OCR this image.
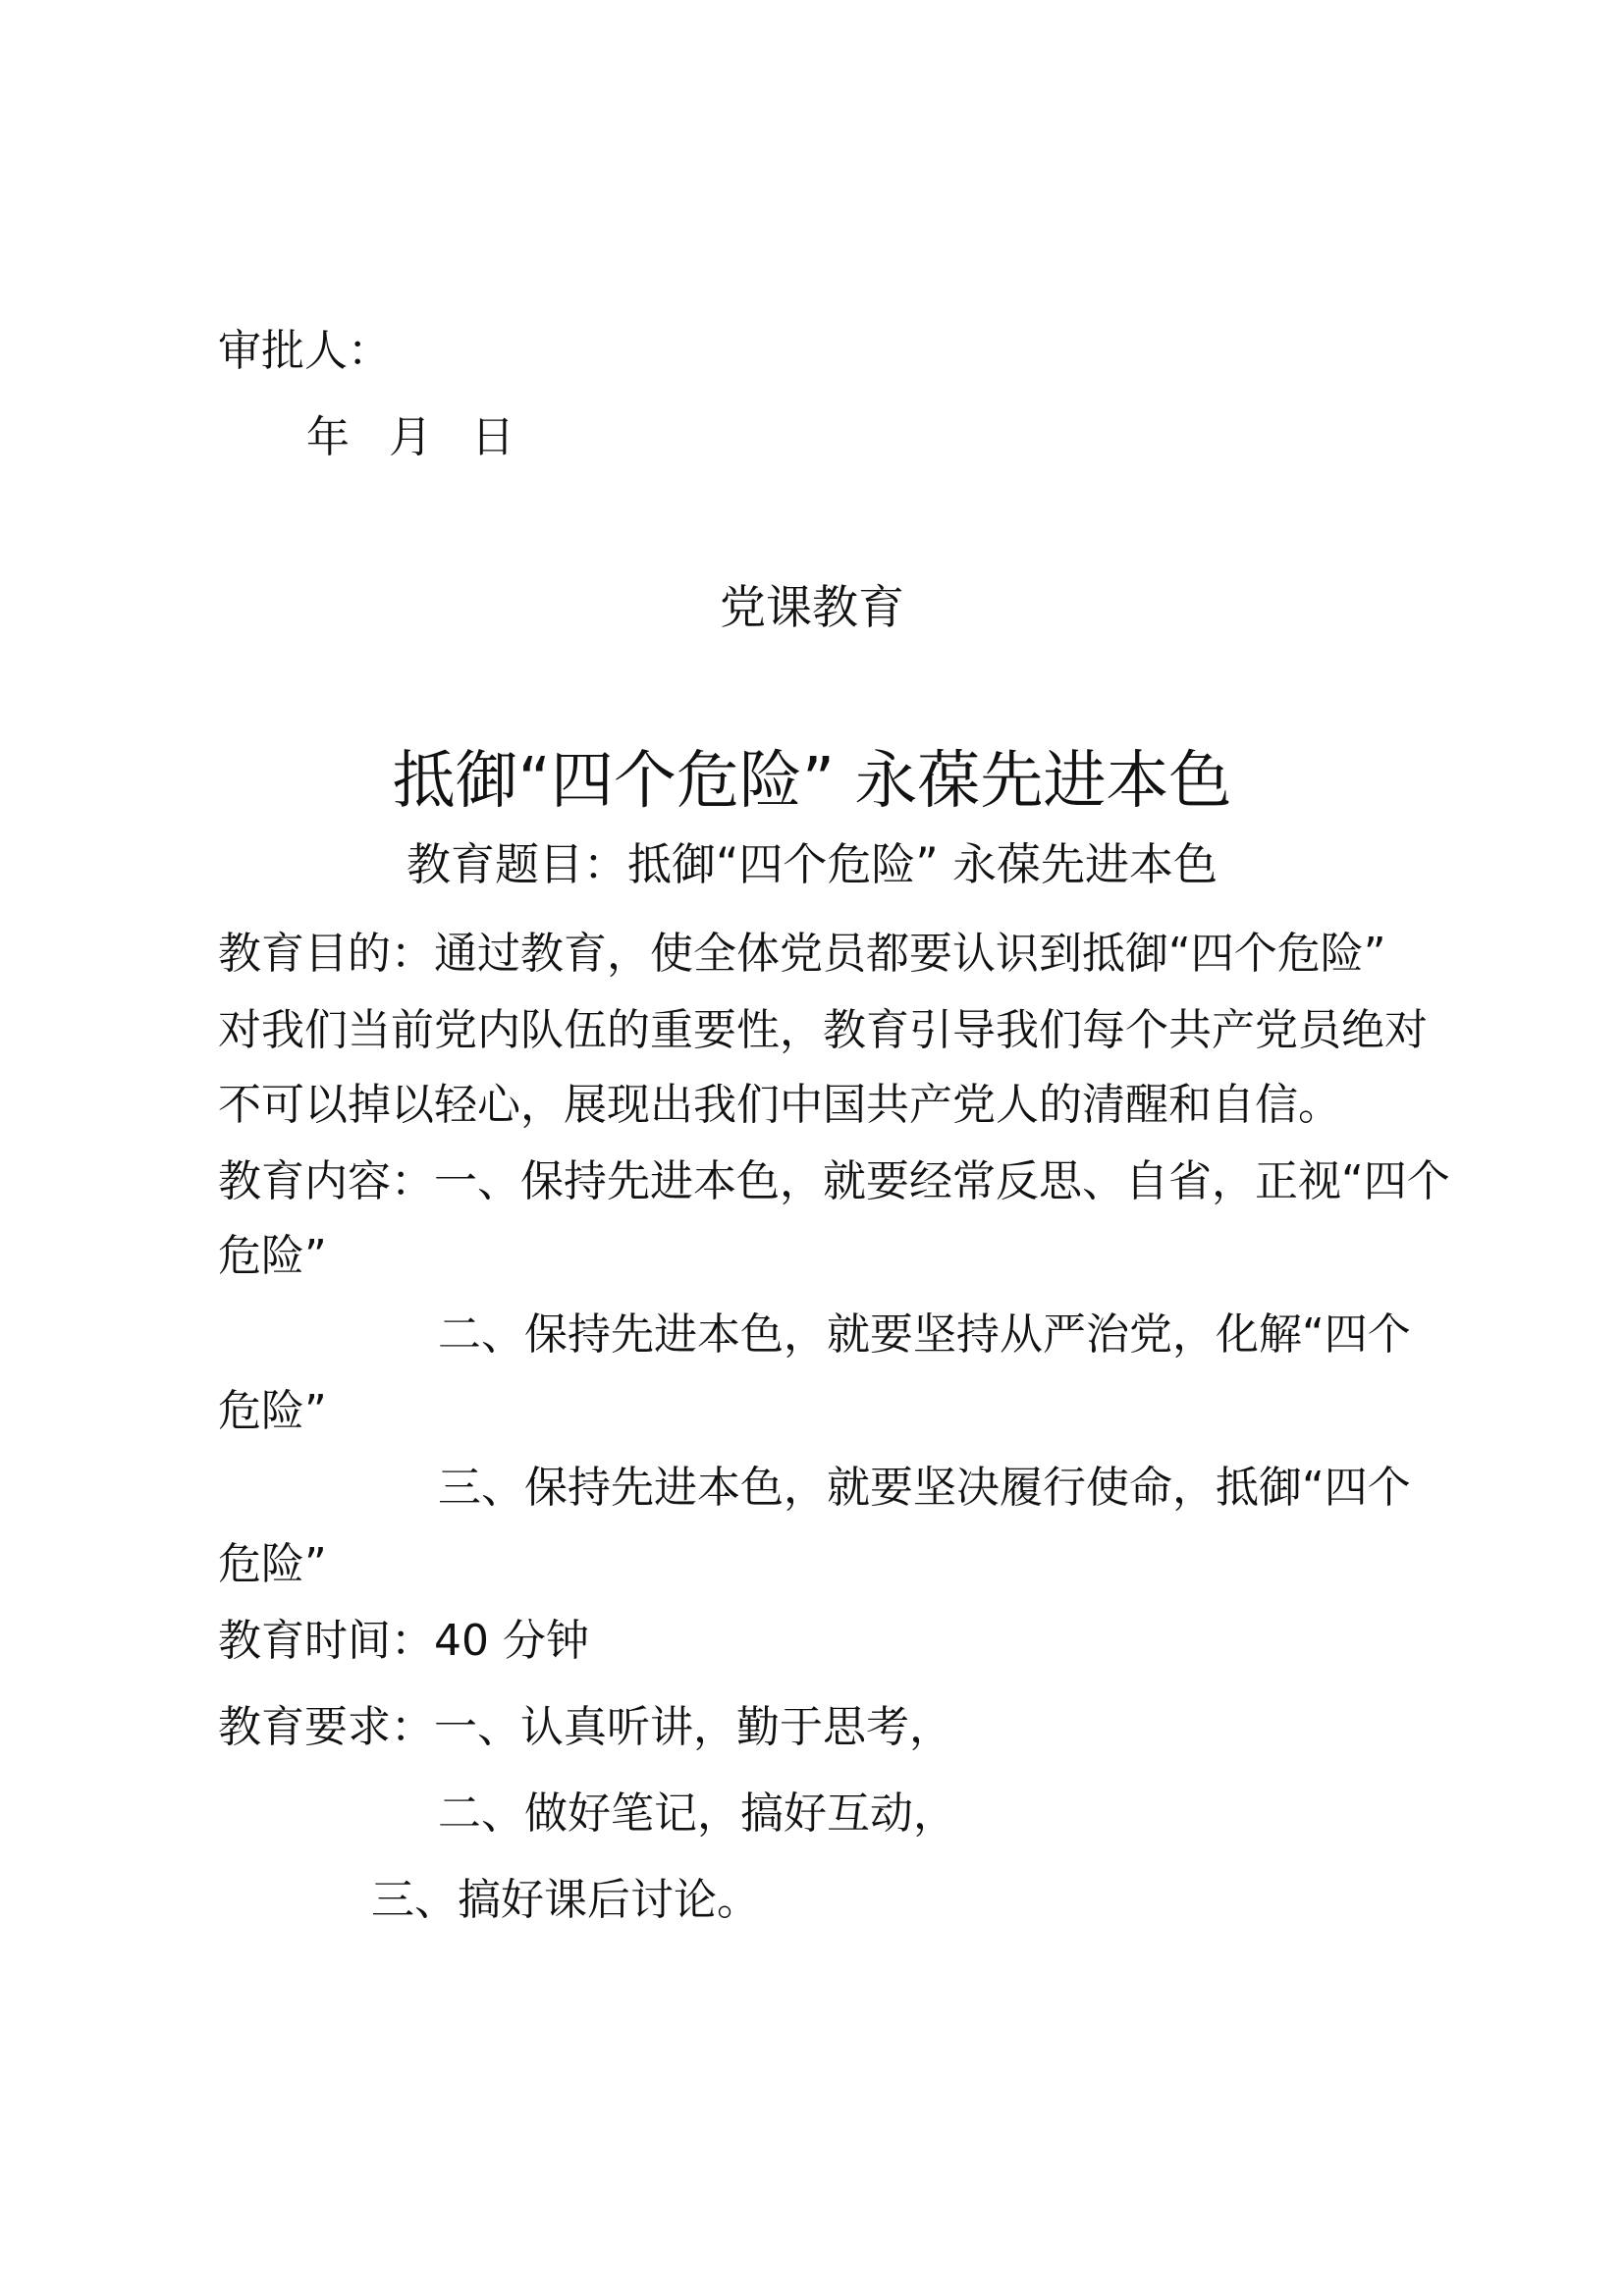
审批人：
年 月 日
党课教育
抵御“四个危险” 永葆先进本色
教育题目：抵御“四个危险” 永葆先进本色
教育目的：通过教育，使全体党员都要认识到抵御“四个危险”
对我们当前党内队伍的重要性，教育引导我们每个共产党员绝对
不可以掉以轻心，展现出我们中国共产党人的清醒和自信。
教育内容：一、保持先进本色，就要经常反思、自省，正视“四个
危险”
二、保持先进本色，就要坚持从严治党，化解“四个
危险”
三、保持先进本色，就要坚决履行使命，抵御“四个
危险”
教育时间：40 分钟
教育要求：一、认真听讲，勤于思考，
二、做好笔记，搞好互动，
三、搞好课后讨论。
